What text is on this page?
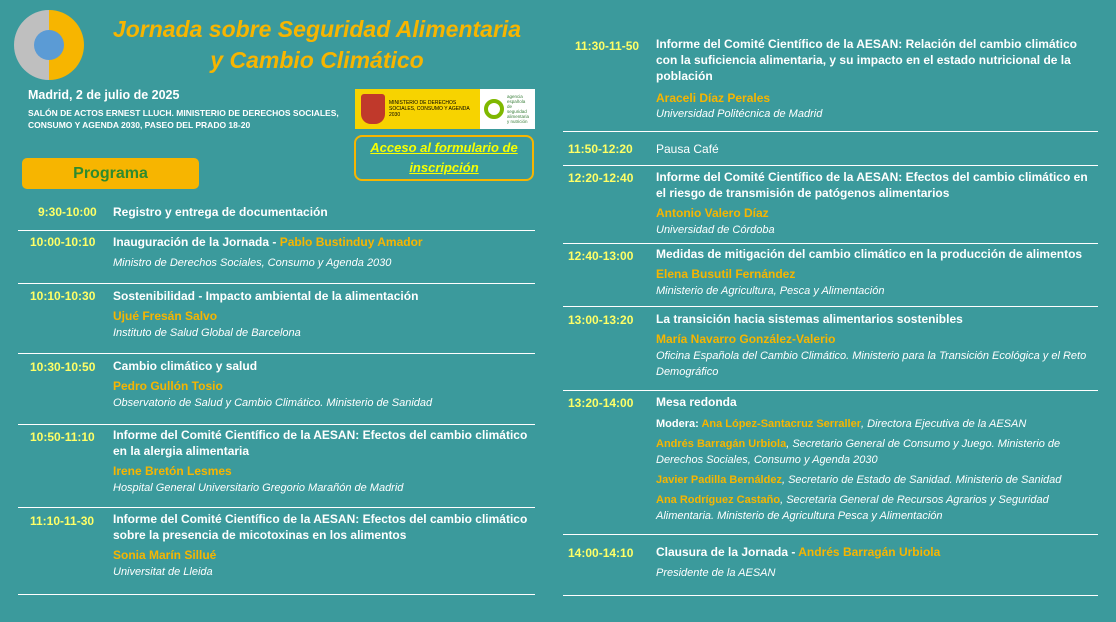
Jornada sobre Seguridad Alimentaria
y Cambio Climático
Madrid, 2 de julio de 2025
SALÓN DE ACTOS ERNEST LLUCH. MINISTERIO DE DERECHOS SOCIALES, CONSUMO Y AGENDA 2030, PASEO DEL PRADO 18-20
MINISTERIO DE DERECHOS SOCIALES, CONSUMO Y AGENDA 2030
agencia española de seguridad alimentaria y nutrición
Acceso al formulario de inscripción
Programa
9:30-10:00 Registro y entrega de documentación
10:00-10:10 Inauguración de la Jornada - Pablo Bustinduy Amador
Ministro de Derechos Sociales, Consumo y Agenda 2030
10:10-10:30 Sostenibilidad - Impacto ambiental de la alimentación
Ujué Fresán Salvo
Instituto de Salud Global de Barcelona
10:30-10:50 Cambio climático y salud
Pedro Gullón Tosio
Observatorio de Salud y Cambio Climático. Ministerio de Sanidad
10:50-11:10 Informe del Comité Científico de la AESAN: Efectos del cambio climático en la alergia alimentaria
Irene Bretón Lesmes
Hospital General Universitario Gregorio Marañón de Madrid
11:10-11-30 Informe del Comité Científico de la AESAN: Efectos del cambio climático sobre la presencia de micotoxinas en los alimentos
Sonia Marín Sillué
Universitat de Lleida
11:30-11-50 Informe del Comité Científico de la AESAN: Relación del cambio climático con la suficiencia alimentaria, y su impacto en el estado nutricional de la población
Araceli Díaz Perales
Universidad Politécnica de Madrid
11:50-12:20 Pausa Café
12:20-12:40 Informe del Comité Científico de la AESAN: Efectos del cambio climático en el riesgo de transmisión de patógenos alimentarios
Antonio Valero Díaz
Universidad de Córdoba
12:40-13:00 Medidas de mitigación del cambio climático en la producción de alimentos
Elena Busutil Fernández
Ministerio de Agricultura, Pesca y Alimentación
13:00-13:20 La transición hacia sistemas alimentarios sostenibles
María Navarro González-Valerio
Oficina Española del Cambio Climático. Ministerio para la Transición Ecológica y el Reto Demográfico
13:20-14:00 Mesa redonda
Modera: Ana López-Santacruz Serraller, Directora Ejecutiva de la AESAN
Andrés Barragán Urbiola, Secretario General de Consumo y Juego. Ministerio de Derechos Sociales, Consumo y Agenda 2030
Javier Padilla Bernáldez, Secretario de Estado de Sanidad. Ministerio de Sanidad
Ana Rodríguez Castaño, Secretaria General de Recursos Agrarios y Seguridad Alimentaria. Ministerio de Agricultura Pesca y Alimentación
14:00-14:10 Clausura de la Jornada - Andrés Barragán Urbiola
Presidente de la AESAN
